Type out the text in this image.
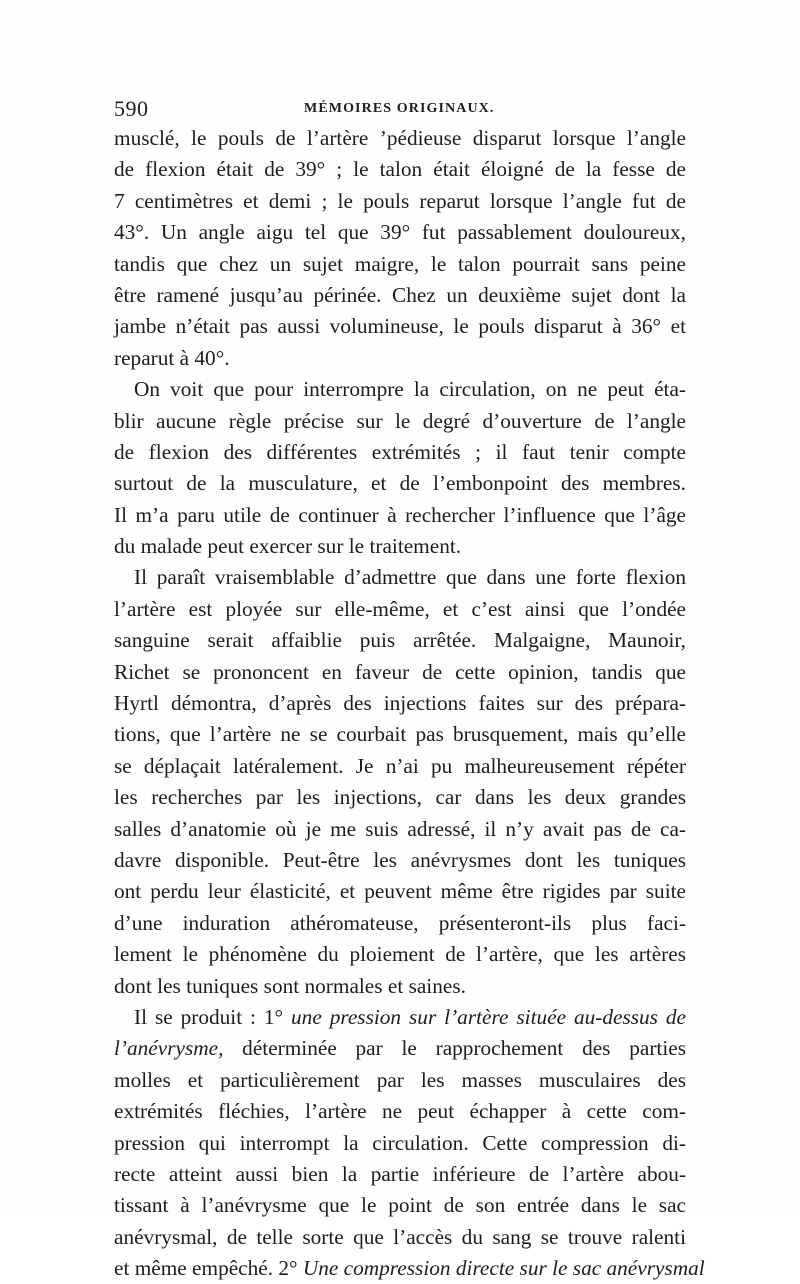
590	MÉMOIRES ORIGINAUX.
musclé, le pouls de l’artère ’pédieuse disparut lorsque l’angle
de flexion était de 39° ; le talon était éloigné de la fesse de
7 centimètres et demi ; le pouls reparut lorsque l’angle fut de
43°. Un angle aigu tel que 39° fut passablement douloureux,
tandis que chez un sujet maigre, le talon pourrait sans peine
être ramené jusqu’au périnée. Chez un deuxième sujet dont la
jambe n’était pas aussi volumineuse, le pouls disparut à 36° et
reparut à 40°.
On voit que pour interrompre la circulation, on ne peut éta-
blir aucune règle précise sur le degré d’ouverture de l’angle
de flexion des différentes extrémités ; il faut tenir compte
surtout de la musculature, et de l’embonpoint des membres.
Il m’a paru utile de continuer à rechercher l’influence que l’âge
du malade peut exercer sur le traitement.
Il paraît vraisemblable d’admettre que dans une forte flexion
l’artère est ployée sur elle-même, et c’est ainsi que l’ondée
sanguine serait affaiblie puis arrêtée. Malgaigne, Maunoir,
Richet se prononcent en faveur de cette opinion, tandis que
Hyrtl démontra, d’après des injections faites sur des prépara-
tions, que l’artère ne se courbait pas brusquement, mais qu’elle
se déplaçait latéralement. Je n’ai pu malheureusement répéter
les recherches par les injections, car dans les deux grandes
salles d’anatomie où je me suis adressé, il n’y avait pas de ca-
davre disponible. Peut-être les anévrysmes dont les tuniques
ont perdu leur élasticité, et peuvent même être rigides par suite
d’une induration athéromateuse, présenteront-ils plus faci-
lement le phénomène du ploiement de l’artère, que les artères
dont les tuniques sont normales et saines.
Il se produit : 1° une pression sur l’artère située au-dessus de
l’anévrysme, déterminée par le rapprochement des parties
molles et particulièrement par les masses musculaires des
extrémités fléchies, l’artère ne peut échapper à cette com-
pression qui interrompt la circulation. Cette compression di-
recte atteint aussi bien la partie inférieure de l’artère abou-
tissant à l’anévrysme que le point de son entrée dans le sac
anévrysmal, de telle sorte que l’accès du sang se trouve ralenti
et même empêché. 2° Une compression directe sur le sac anévrysmal
